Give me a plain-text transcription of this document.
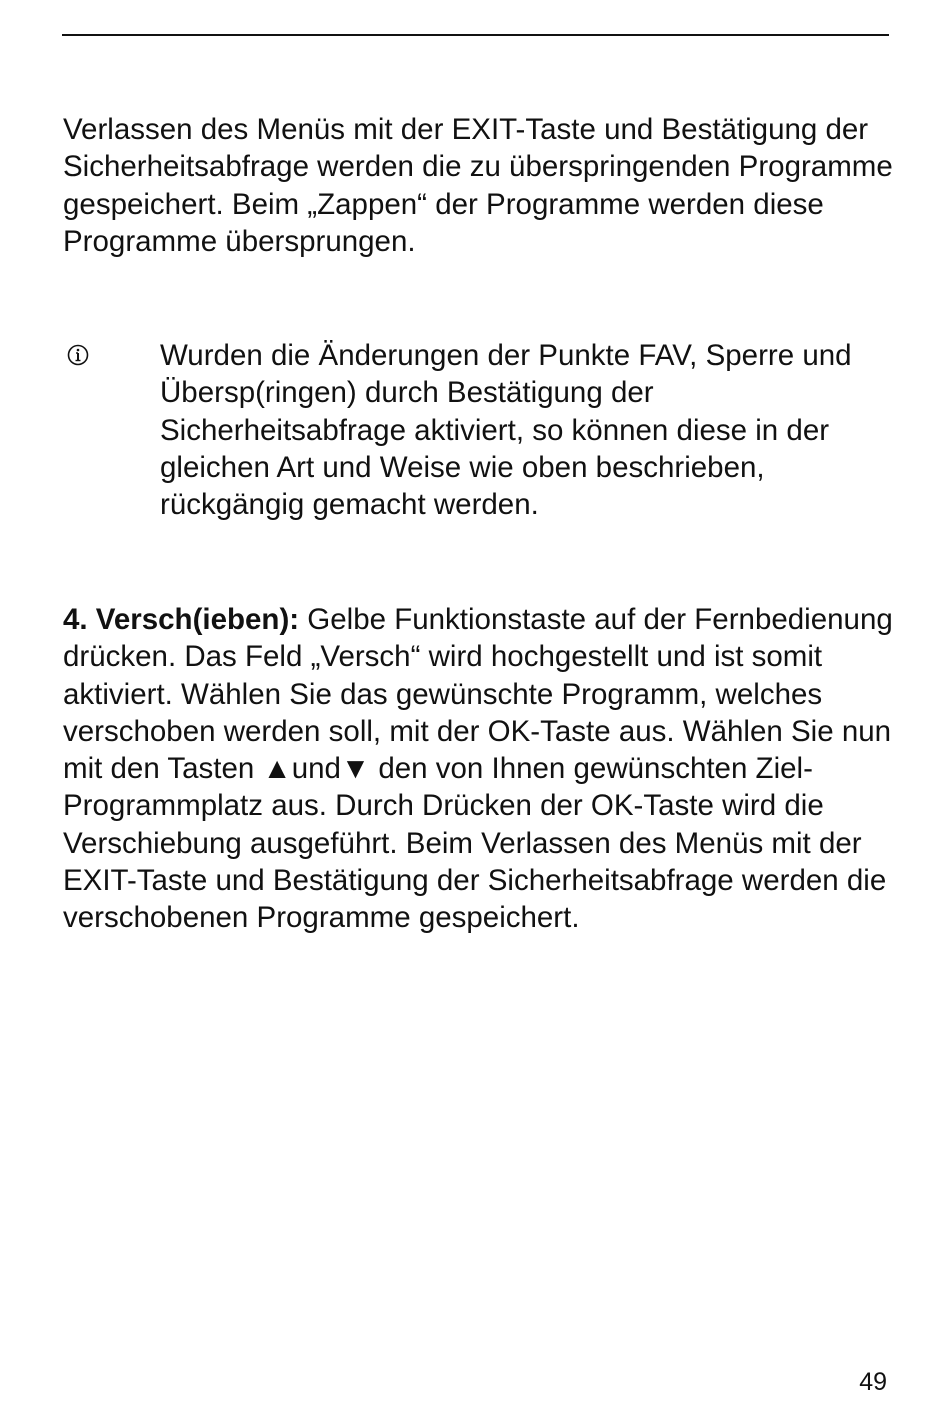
Verlassen des Menüs mit der EXIT-Taste und Bestätigung der Sicherheitsabfrage werden die zu überspringenden Programme gespeichert. Beim „Zappen“ der Programme werden diese Programme übersprungen.

Wurden die Änderungen der Punkte FAV, Sperre und Übersp(ringen) durch Bestätigung der Sicherheitsabfrage aktiviert, so können diese in der gleichen Art und Weise wie oben beschrieben, rückgängig gemacht werden.

4. Versch(ieben): Gelbe Funktionstaste auf der Fernbedienung drücken. Das Feld „Versch“ wird hochgestellt und ist somit aktiviert. Wählen Sie das gewünschte Programm, welches verschoben werden soll, mit der OK-Taste aus. Wählen Sie nun mit den Tasten ▲und▼ den von Ihnen gewünschten Ziel-Programmplatz aus. Durch Drücken der OK-Taste wird die Verschiebung ausgeführt. Beim Verlassen des Menüs mit der EXIT-Taste und Bestätigung der Sicherheitsabfrage werden die verschobenen Programme gespeichert.

49
